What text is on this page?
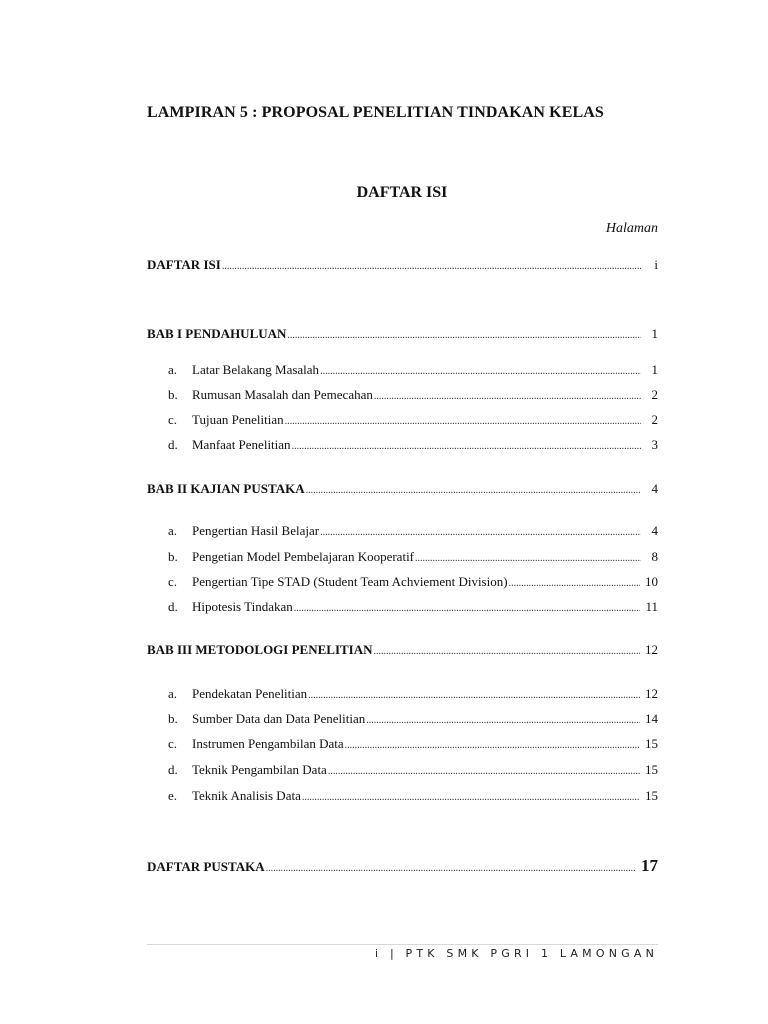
LAMPIRAN 5 : PROPOSAL PENELITIAN TINDAKAN KELAS
DAFTAR ISI
Halaman
DAFTAR ISI .....	i
BAB I PENDAHULUAN .....	1
a.	Latar Belakang Masalah .....	1
b.	Rumusan Masalah dan Pemecahan .....	2
c.	Tujuan Penelitian .....	2
d.	Manfaat Penelitian .....	3
BAB II KAJIAN PUSTAKA .....	4
a.	Pengertian Hasil Belajar .....	4
b.	Pengetian Model Pembelajaran Kooperatif .....	8
c.	Pengertian Tipe STAD (Student Team Achviement Division) .....	10
d.	Hipotesis Tindakan .....	11
BAB III METODOLOGI PENELITIAN .....	12
a.	Pendekatan Penelitian .....	12
b.	Sumber Data dan Data Penelitian .....	14
c.	Instrumen Pengambilan Data .....	15
d.	Teknik Pengambilan Data .....	15
e.	Teknik Analisis Data .....	15
DAFTAR PUSTAKA .....	17
i | PTK SMK PGRI 1 LAMONGAN
